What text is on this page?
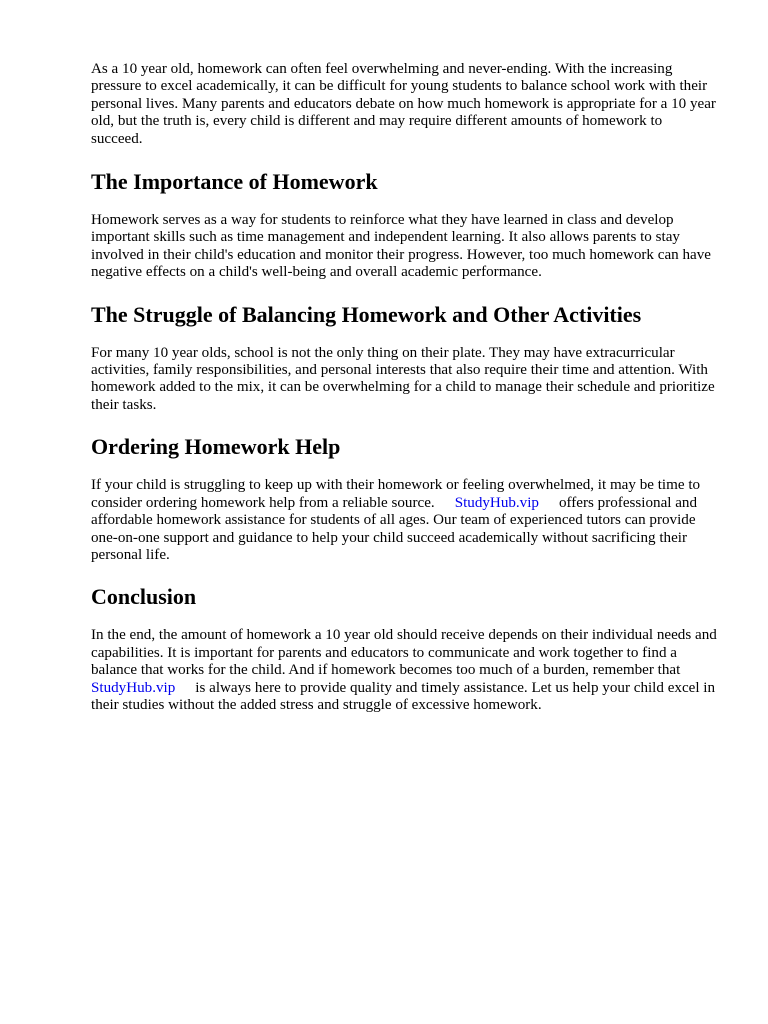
As a 10 year old, homework can often feel overwhelming and never-ending. With the increasing pressure to excel academically, it can be difficult for young students to balance school work with their personal lives. Many parents and educators debate on how much homework is appropriate for a 10 year old, but the truth is, every child is different and may require different amounts of homework to succeed.

The Importance of Homework

Homework serves as a way for students to reinforce what they have learned in class and develop important skills such as time management and independent learning. It also allows parents to stay involved in their child's education and monitor their progress. However, too much homework can have negative effects on a child's well-being and overall academic performance.

The Struggle of Balancing Homework and Other Activities

For many 10 year olds, school is not the only thing on their plate. They may have extracurricular activities, family responsibilities, and personal interests that also require their time and attention. With homework added to the mix, it can be overwhelming for a child to manage their schedule and prioritize their tasks.

Ordering Homework Help

If your child is struggling to keep up with their homework or feeling overwhelmed, it may be time to consider ordering homework help from a reliable source. StudyHub.vip offers professional and affordable homework assistance for students of all ages. Our team of experienced tutors can provide one-on-one support and guidance to help your child succeed academically without sacrificing their personal life.

Conclusion

In the end, the amount of homework a 10 year old should receive depends on their individual needs and capabilities. It is important for parents and educators to communicate and work together to find a balance that works for the child. And if homework becomes too much of a burden, remember thatStudyHub.vip is always here to provide quality and timely assistance. Let us help your child excel in their studies without the added stress and struggle of excessive homework.
